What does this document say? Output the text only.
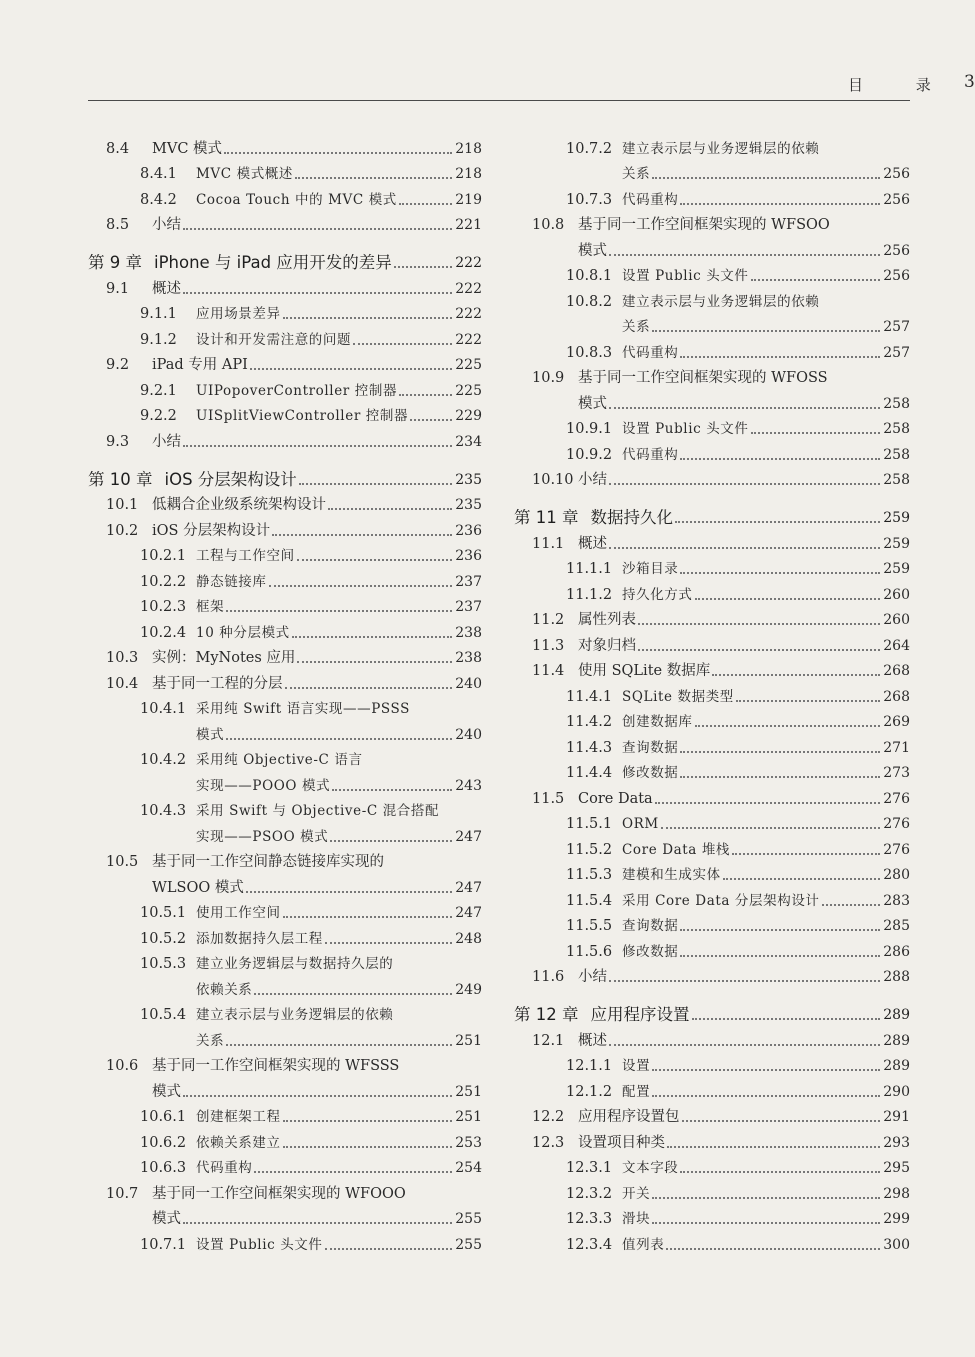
目 录 3
8.4	MVC 模式	218
8.4.1	MVC 模式概述	218
8.4.2	Cocoa Touch 中的 MVC 模式	219
8.5	小结	221
第 9 章 iPhone 与 iPad 应用开发的差异	222
9.1	概述	222
9.1.1	应用场景差异	222
9.1.2	设计和开发需注意的问题	222
9.2	iPad 专用 API	225
9.2.1	UIPopoverController 控制器	225
9.2.2	UISplitViewController 控制器	229
9.3	小结	234
第 10 章 iOS 分层架构设计	235
10.1 低耦合企业级系统架构设计	235
10.2 iOS 分层架构设计	236
10.2.1 工程与工作空间	236
10.2.2 静态链接库	237
10.2.3 框架	237
10.2.4 10 种分层模式	238
10.3 实例：MyNotes 应用	238
10.4 基于同一工程的分层	240
10.4.1 采用纯 Swift 语言实现——PSSS
模式	240
10.4.2 采用纯 Objective-C 语言
实现——POOO 模式	243
10.4.3 采用 Swift 与 Objective-C 混合搭配
实现——PSOO 模式	247
10.5 基于同一工作空间静态链接库实现的
WLSOO 模式	247
10.5.1 使用工作空间	247
10.5.2 添加数据持久层工程	248
10.5.3 建立业务逻辑层与数据持久层的
依赖关系	249
10.5.4 建立表示层与业务逻辑层的依赖
关系	251
10.6 基于同一工作空间框架实现的 WFSSS
模式	251
10.6.1 创建框架工程	251
10.6.2 依赖关系建立	253
10.6.3 代码重构	254
10.7 基于同一工作空间框架实现的 WFOOO
模式	255
10.7.1 设置 Public 头文件	255
10.7.2 建立表示层与业务逻辑层的依赖
关系	256
10.7.3 代码重构	256
10.8 基于同一工作空间框架实现的 WFSOO
模式	256
10.8.1 设置 Public 头文件	256
10.8.2 建立表示层与业务逻辑层的依赖
关系	257
10.8.3 代码重构	257
10.9 基于同一工作空间框架实现的 WFOSS
模式	258
10.9.1 设置 Public 头文件	258
10.9.2 代码重构	258
10.10 小结	258
第 11 章 数据持久化	259
11.1 概述	259
11.1.1 沙箱目录	259
11.1.2 持久化方式	260
11.2 属性列表	260
11.3 对象归档	264
11.4 使用 SQLite 数据库	268
11.4.1 SQLite 数据类型	268
11.4.2 创建数据库	269
11.4.3 查询数据	271
11.4.4 修改数据	273
11.5 Core Data	276
11.5.1 ORM	276
11.5.2 Core Data 堆栈	276
11.5.3 建模和生成实体	280
11.5.4 采用 Core Data 分层架构设计	283
11.5.5 查询数据	285
11.5.6 修改数据	286
11.6 小结	288
第 12 章 应用程序设置	289
12.1 概述	289
12.1.1 设置	289
12.1.2 配置	290
12.2 应用程序设置包	291
12.3 设置项目种类	293
12.3.1 文本字段	295
12.3.2 开关	298
12.3.3 滑块	299
12.3.4 值列表	300
